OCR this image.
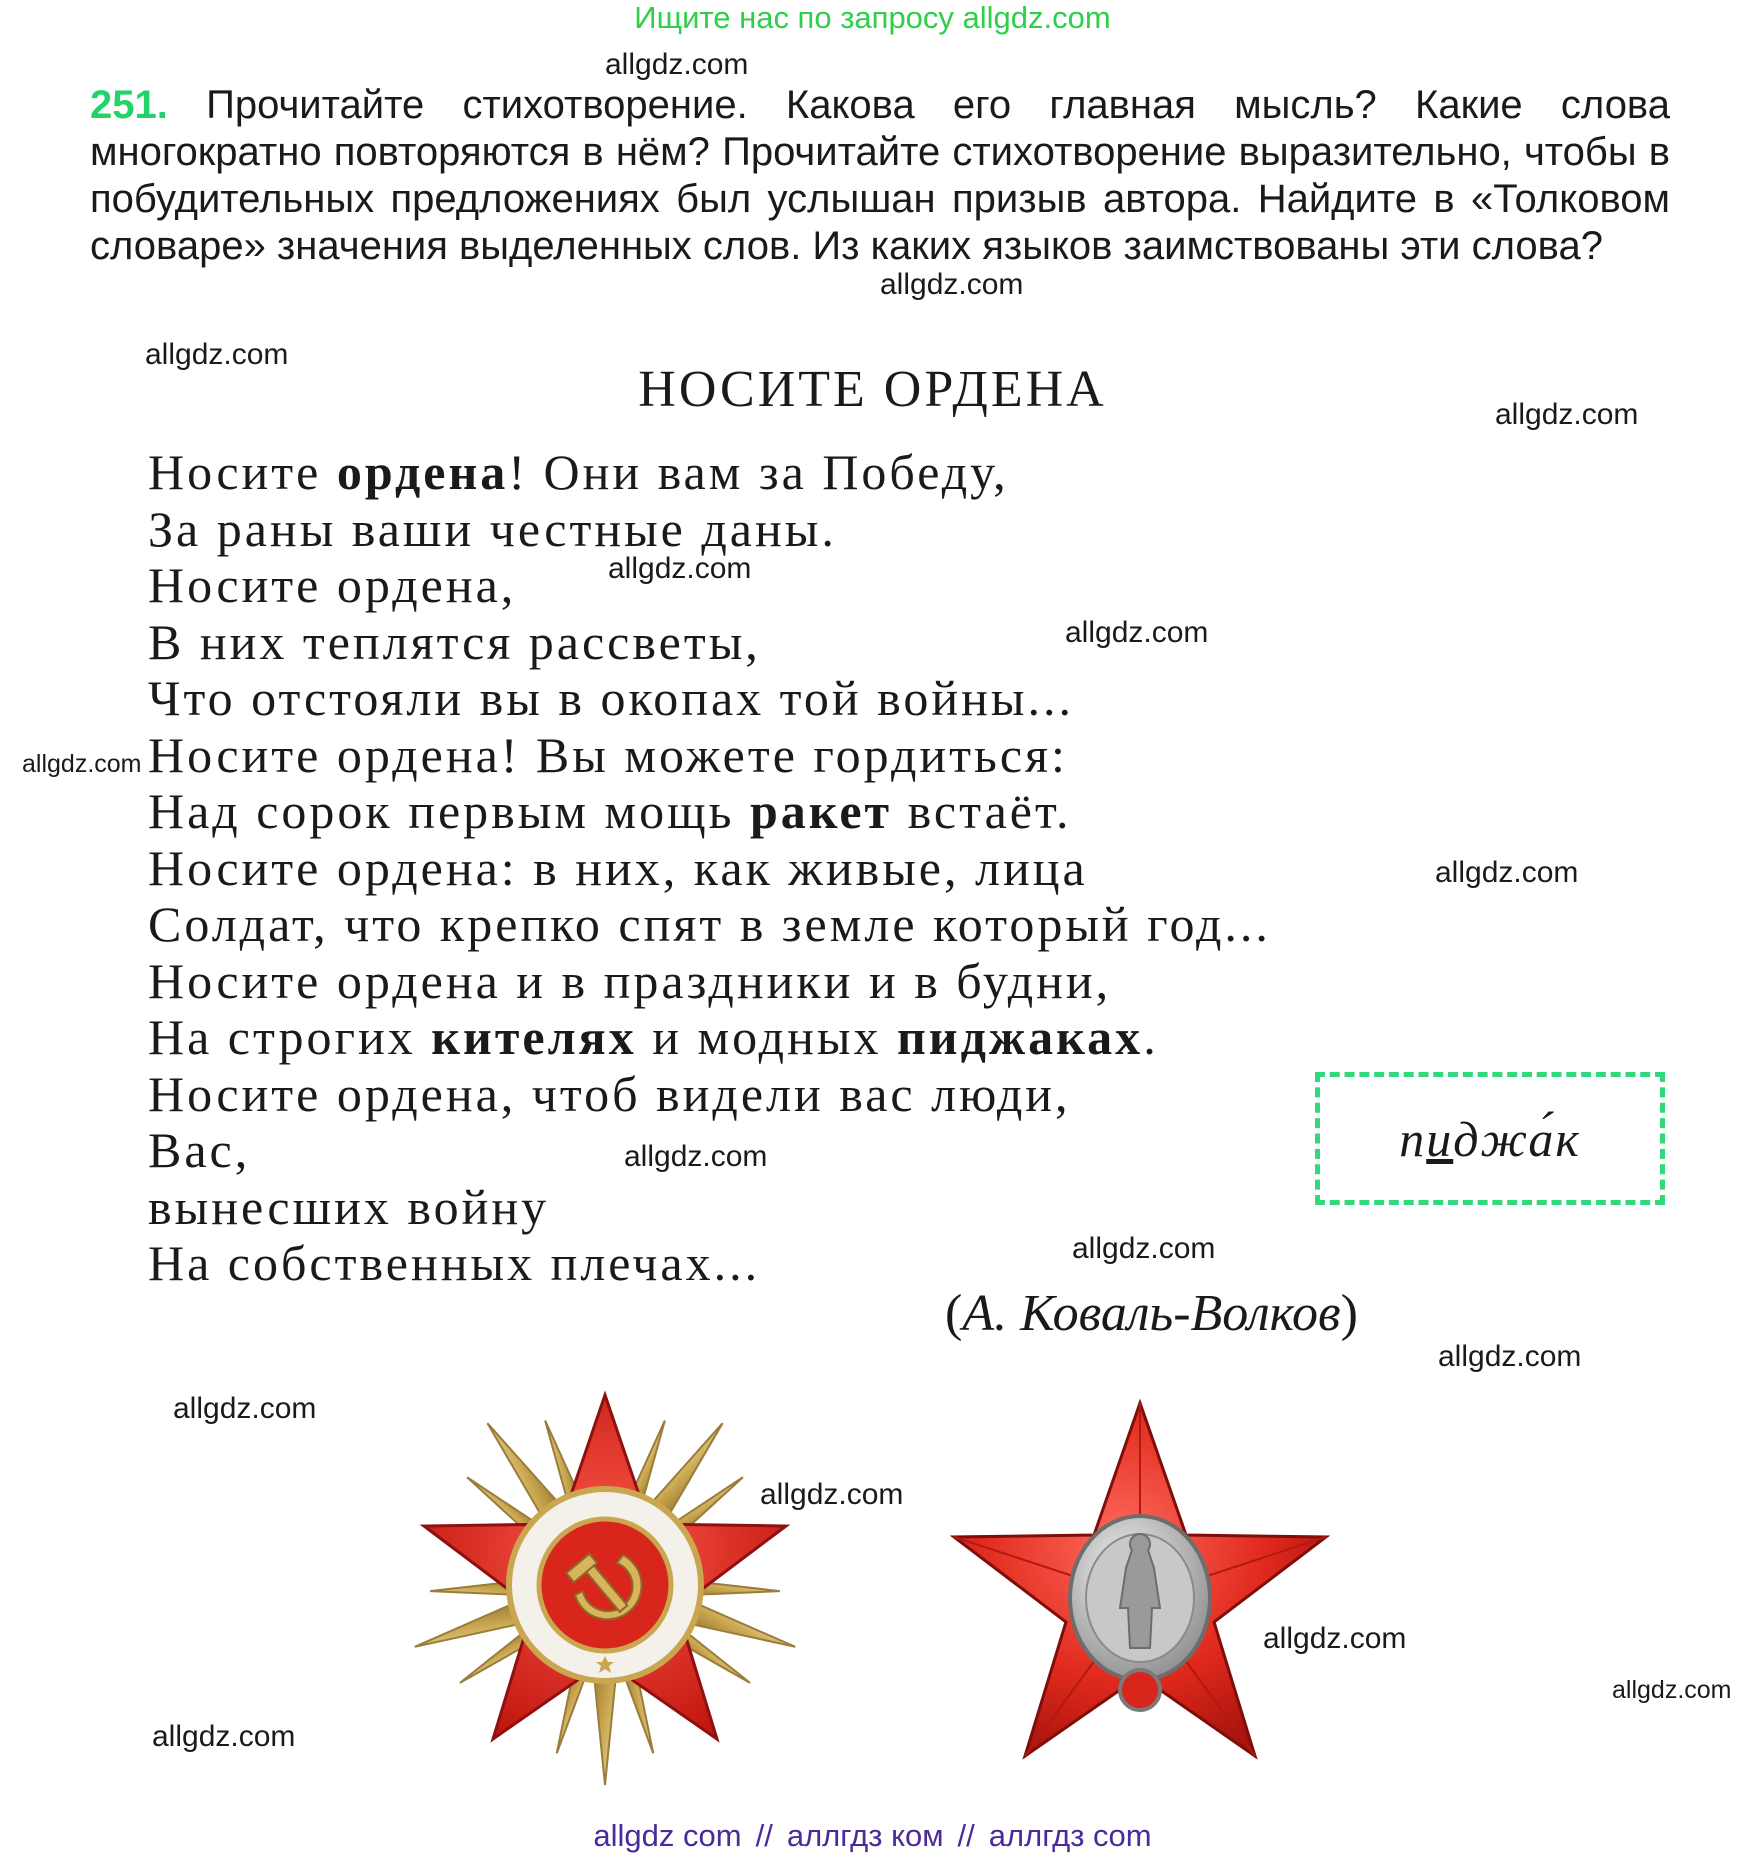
Ищите нас по запросу allgdz.com
allgdz.com
allgdz.com
allgdz.com
allgdz.com
allgdz.com
allgdz.com
allgdz.com
allgdz.com
allgdz.com
allgdz.com
allgdz.com
allgdz.com
allgdz.com
allgdz.com
allgdz.com
allgdz.com
251. Прочитайте стихотворение. Какова его главная мысль? Какие слова многократно повторяются в нём? Прочитайте стихотворение выразительно, чтобы в побудительных предложениях был услышан призыв автора. Найдите в «Толковом словаре» значения выделенных слов. Из каких языков заимствованы эти слова?
НОСИТЕ ОРДЕНА
Носите ордена! Они вам за Победу,
За раны ваши честные даны.
Носите ордена,
В них теплятся рассветы,
Что отстояли вы в окопах той войны...
Носите ордена! Вы можете гордиться:
Над сорок первым мощь ракет встаёт.
Носите ордена: в них, как живые, лица
Солдат, что крепко спят в земле который год...
Носите ордена и в праздники и в будни,
На строгих кителях и модных пиджаках.
Носите ордена, чтоб видели вас люди,
Вас,
вынесших войну
На собственных плечах...
(А. Коваль-Волков)
пиджа́к
allgdz com // аллгдз ком // аллгдз com
